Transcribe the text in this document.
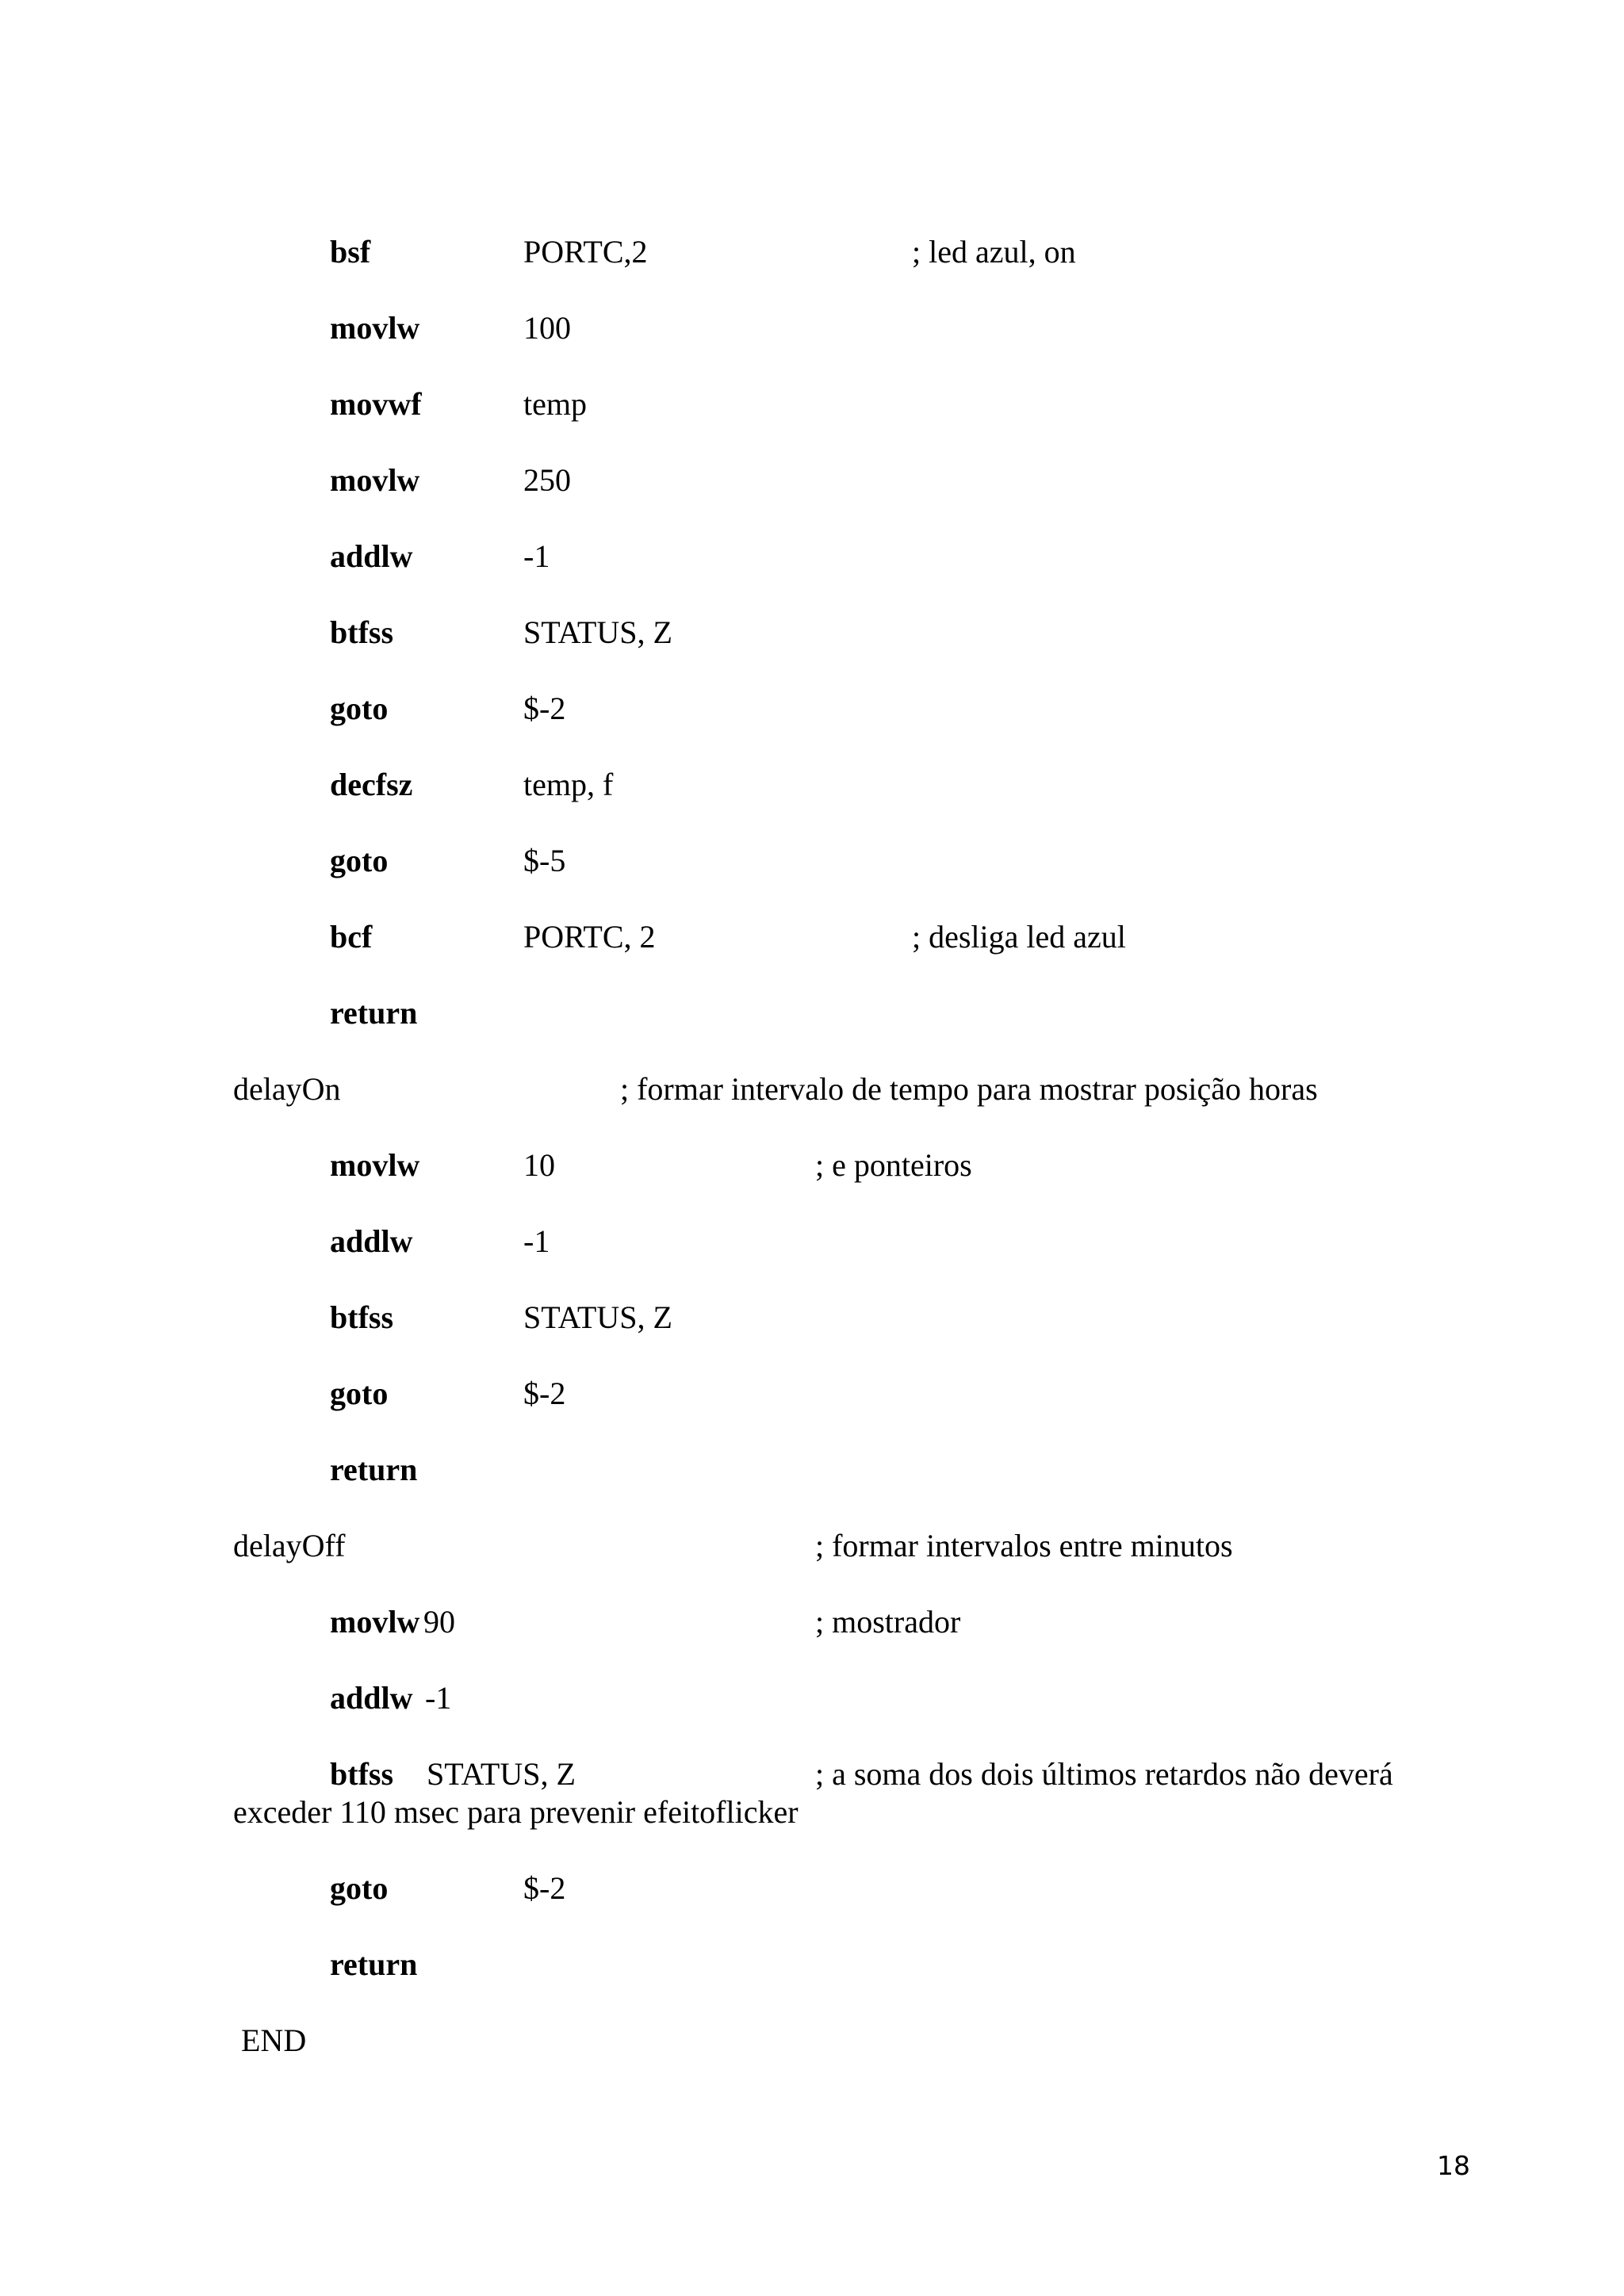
bsf	PORTC,2	; led azul, on
movlw	100
movwf	temp
movlw	250
addlw	-1
btfss	STATUS, Z
goto	$-2
decfsz	temp, f
goto	$-5
bcf	PORTC, 2	; desliga led azul
return
delayOn	; formar intervalo de tempo para mostrar posição horas
movlw	10	; e ponteiros
addlw	-1
btfss	STATUS, Z
goto	$-2
return
delayOff	; formar intervalos entre minutos
movlw 90	; mostrador
addlw -1
btfss STATUS, Z	; a soma dos dois últimos retardos não deverá
exceder 110 msec para prevenir efeitoflicker
goto	$-2
return
END
18
